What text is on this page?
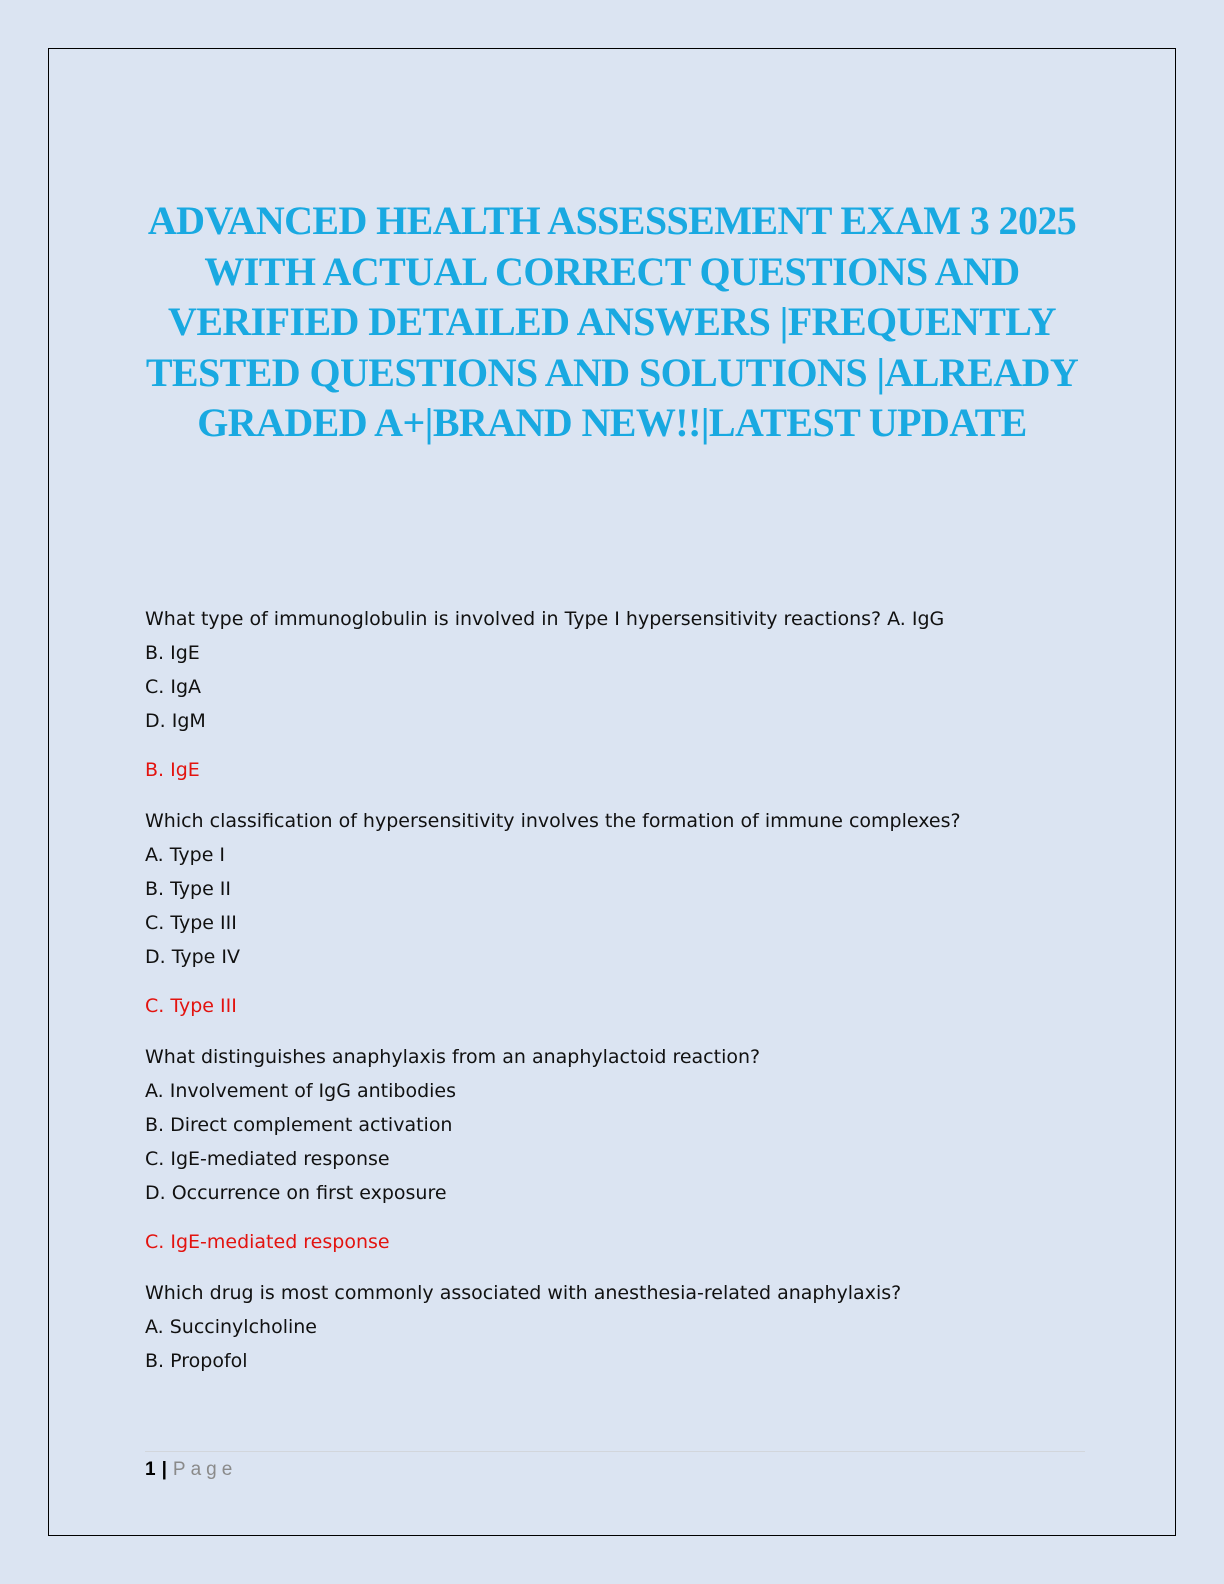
ADVANCED HEALTH ASSESSEMENT EXAM 3 2025 WITH ACTUAL CORRECT QUESTIONS AND VERIFIED DETAILED ANSWERS |FREQUENTLY TESTED QUESTIONS AND SOLUTIONS |ALREADY GRADED A+|BRAND NEW!!|LATEST UPDATE

What type of immunoglobulin is involved in Type I hypersensitivity reactions? A. IgG

B. IgE

C. IgA

D. IgM

B. IgE

Which classification of hypersensitivity involves the formation of immune complexes?

A. Type I

B. Type II

C. Type III

D. Type IV

C. Type III

What distinguishes anaphylaxis from an anaphylactoid reaction?

A. Involvement of IgG antibodies

B. Direct complement activation

C. IgE-mediated response

D. Occurrence on first exposure

C. IgE-mediated response

Which drug is most commonly associated with anesthesia-related anaphylaxis?

A. Succinylcholine

B. Propofol

1 | Page
